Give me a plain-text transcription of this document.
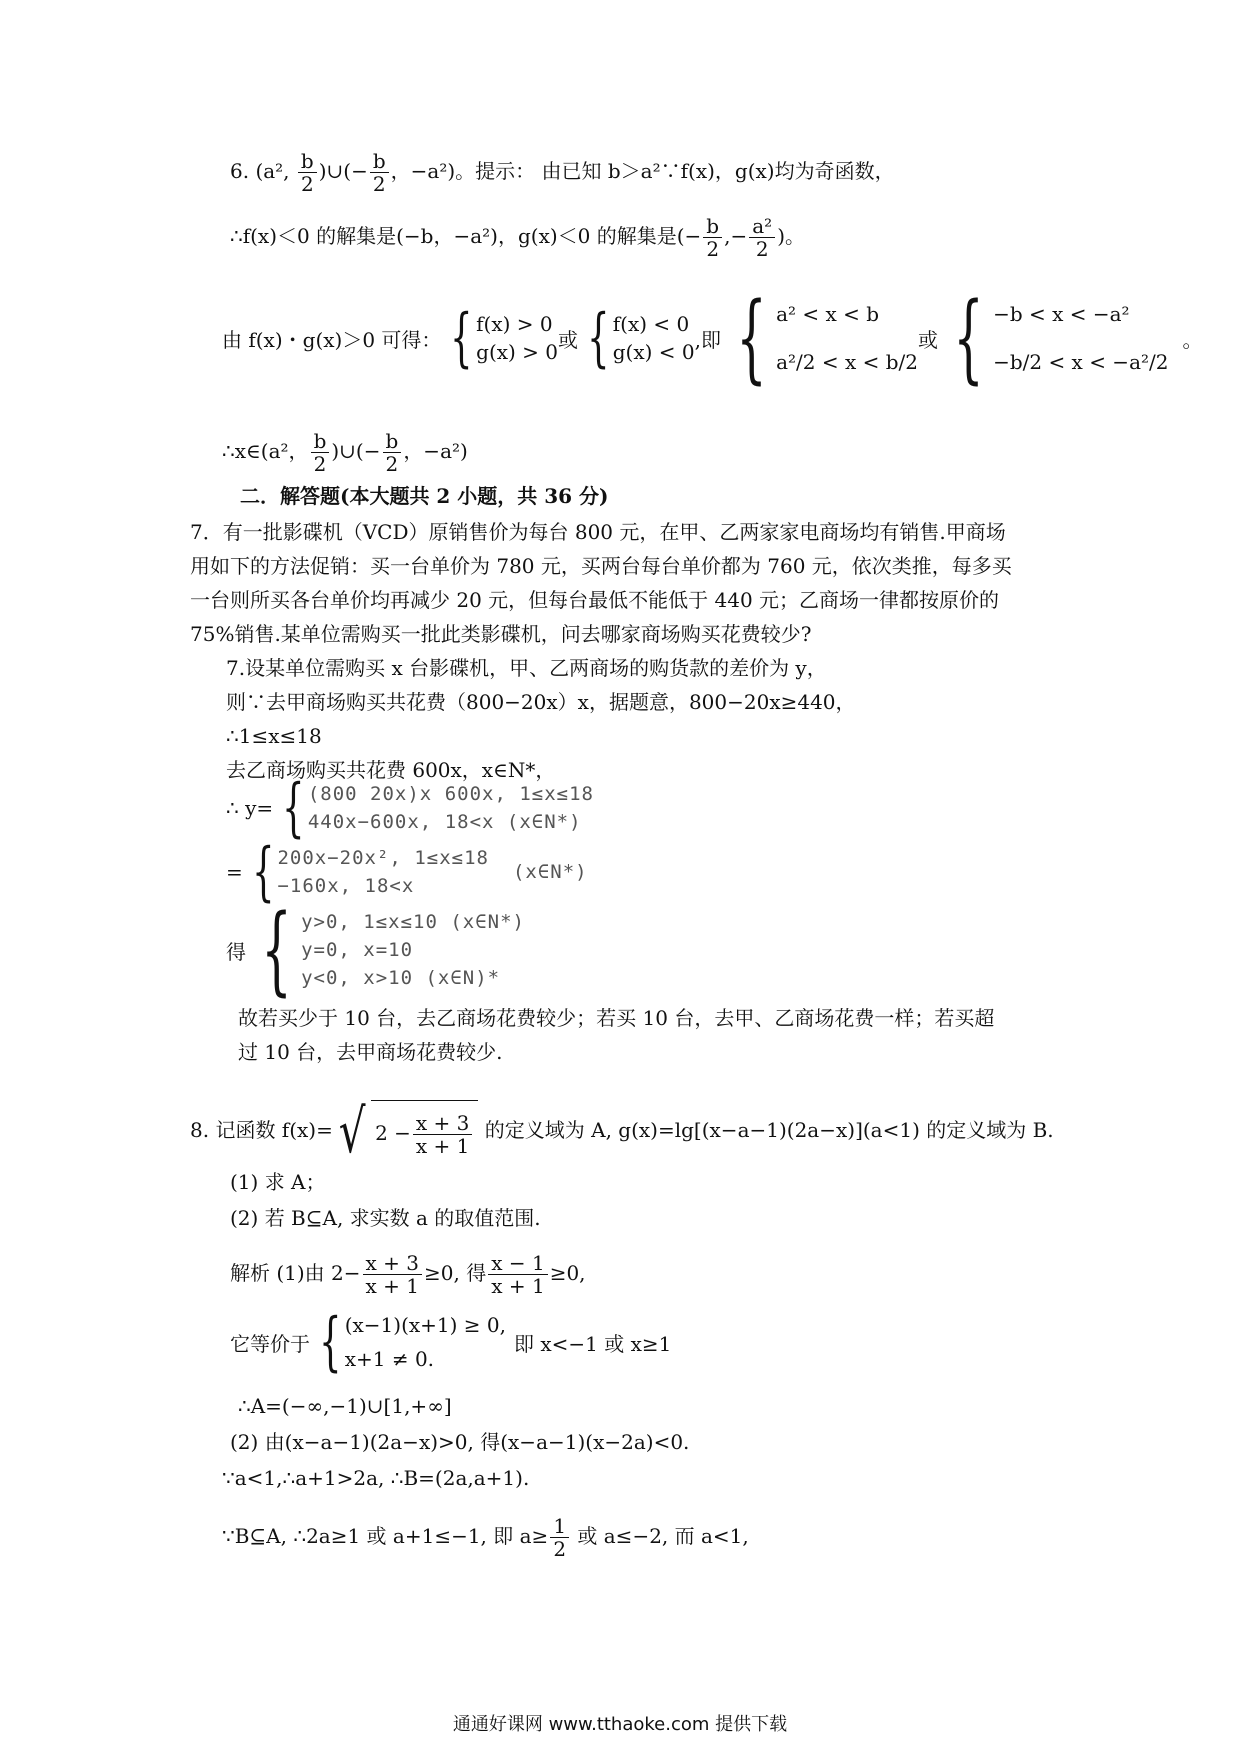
6. (a², $\frac{b}{2}$ )∪(− $\frac{b}{2}$ ，−a²)。提示： 由已知 b＞a²∵f(x)，g(x)均为奇函数，
∴f(x)＜0 的解集是(−b，−a²)，g(x)＜0 的解集是(− $\frac{b}{2}$ ,− $\frac{\text{a²}}{2}$ )。
由 f(x)・g(x)＞0 可得： { f(x) > 0
g(x) > 0
或 { f(x) < 0
g(x) < 0
,即 { a² < x < b
a²/2 < x < b/2
或 { −b < x < −a²
−b/2 < x < −a²/2
。
∴x∈(a²， $\frac{b}{2}$ )∪(− $\frac{b}{2}$ ，−a²)
二．解答题(本大题共 2 小题，共 36 分)
7．有一批影碟机（VCD）原销售价为每台 800 元，在甲、乙两家家电商场均有销售.甲商场
用如下的方法促销：买一台单价为 780 元，买两台每台单价都为 760 元，依次类推，每多买
一台则所买各台单价均再减少 20 元，但每台最低不能低于 440 元；乙商场一律都按原价的
75%销售.某单位需购买一批此类影碟机，问去哪家商场购买花费较少?
7.设某单位需购买 x 台影碟机，甲、乙两商场的购货款的差价为 y，
则∵去甲商场购买共花费（800−20x）x，据题意，800−20x≥440，
∴1≤x≤18
去乙商场购买共花费 600x，x∈N*，
∴ y= { (800 20x)x 600x, 1≤x≤18
440x−600x, 18<x (x∈N*)
= { 200x−20x², 1≤x≤18
−160x, 18<x
(x∈N*)
得 { y>0, 1≤x≤10 (x∈N*)
y=0, x=10
y<0, x>10 (x∈N)*
故若买少于 10 台，去乙商场花费较少；若买 10 台，去甲、乙商场花费一样；若买超
过 10 台，去甲商场花费较少.
8. 记函数 f(x)=√ $2 - \frac{x + 3}{x + 1}$ 的定义域为 A, g(x)=lg[(x−a−1)(2a−x)](a<1) 的定义域为 B.
(1) 求 A；
(2) 若 B⊆A, 求实数 a 的取值范围.
解析 (1)由 $2- \frac{x + 3}{x + 1} \ge 0$, 得 $\frac{x - 1}{x + 1} \ge 0$,
它等价于 { (x−1)(x+1) ≥ 0,
x+1 ≠ 0.
即 x<−1 或 x≥1
∴A=(−∞,−1)∪[1,+∞]
(2) 由(x−a−1)(2a−x)>0, 得(x−a−1)(x−2a)<0.
∵a<1,∴a+1>2a, ∴B=(2a,a+1).
∵B⊆A, ∴2a≥1 或 a+1≤−1, 即 $a\ge \frac{1}{2}$ 或 a≤−2, 而 a<1,
通通好课网 www.tthaoke.com 提供下载
